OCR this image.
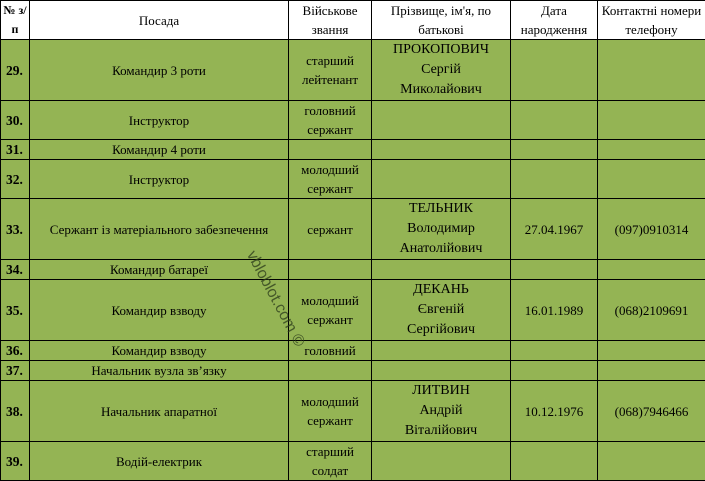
№ з/п	Посада	Військове звання	Прізвище, ім'я, по батькові	Дата народження	Контактні номери телефону
29.	Командир 3 роти	старший
лейтенант	ПРОКОПОВИЧ
Сергій
Миколайович		

30.	Інструктор	головний
сержант			

31.	Командир 4 роти				
32.	Інструктор	молодший
сержант			

33.	Сержант із матеріального забезпечення	сержант	ТЕЛЬНИК
Володимир
Анатолійович	27.04.1967	(097)0910314
34.	Командир батареї				
35.	Командир взводу	молодший
сержант	ДЕКАНЬ
Євгеній
Сергійович	16.01.1989	(068)2109691
36.	Командир взводу	головний			

37.	Начальник вузла зв’язку				
38.	Начальник апаратної	молодший
сержант	ЛИТВИН
Андрій
Віталійович	10.12.1976	(068)7946466
39.	Водій-електрик	старший
солдат			

vbloblot.com ©
